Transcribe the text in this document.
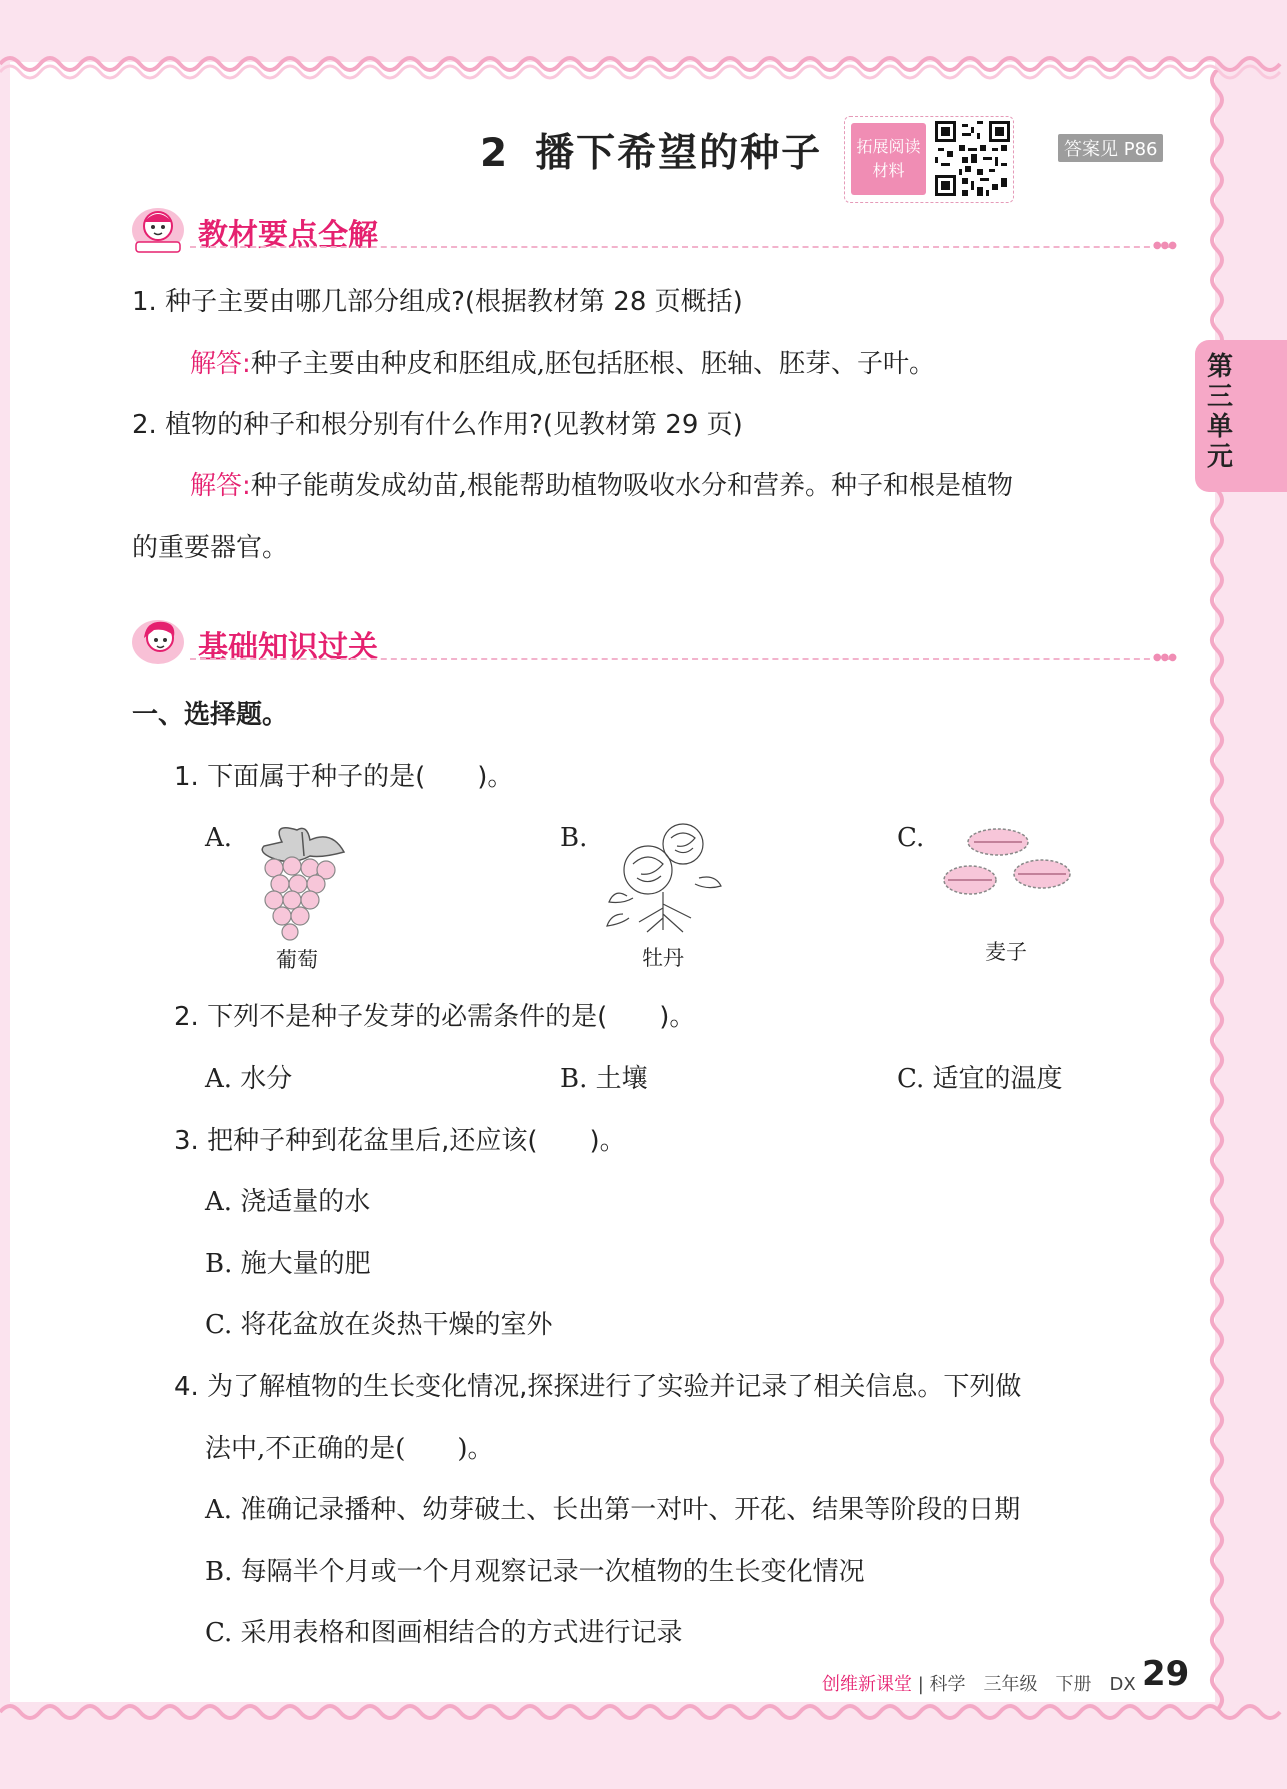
2 播下希望的种子	拓展阅读
材料
答案见 P86
教材要点全解	●●●
1. 种子主要由哪几部分组成?(根据教材第 28 页概括)
解答:种子主要由种皮和胚组成,胚包括胚根、胚轴、胚芽、子叶。
2. 植物的种子和根分别有什么作用?(见教材第 29 页)
解答:种子能萌发成幼苗,根能帮助植物吸收水分和营养。种子和根是植物
的重要器官。
基础知识过关	●●●
一、选择题。
1. 下面属于种子的是(　　)。
A.
葡萄
B.
牡丹
C.
麦子
2. 下列不是种子发芽的必需条件的是(　　)。
A. 水分	B. 土壤	C. 适宜的温度
3. 把种子种到花盆里后,还应该(　　)。
A. 浇适量的水
B. 施大量的肥
C. 将花盆放在炎热干燥的室外
4. 为了解植物的生长变化情况,探探进行了实验并记录了相关信息。下列做
法中,不正确的是(　　)。
A. 准确记录播种、幼芽破土、长出第一对叶、开花、结果等阶段的日期
B. 每隔半个月或一个月观察记录一次植物的生长变化情况
C. 采用表格和图画相结合的方式进行记录
第三单元
创维新课堂 | 科学　三年级　下册　DX 29
